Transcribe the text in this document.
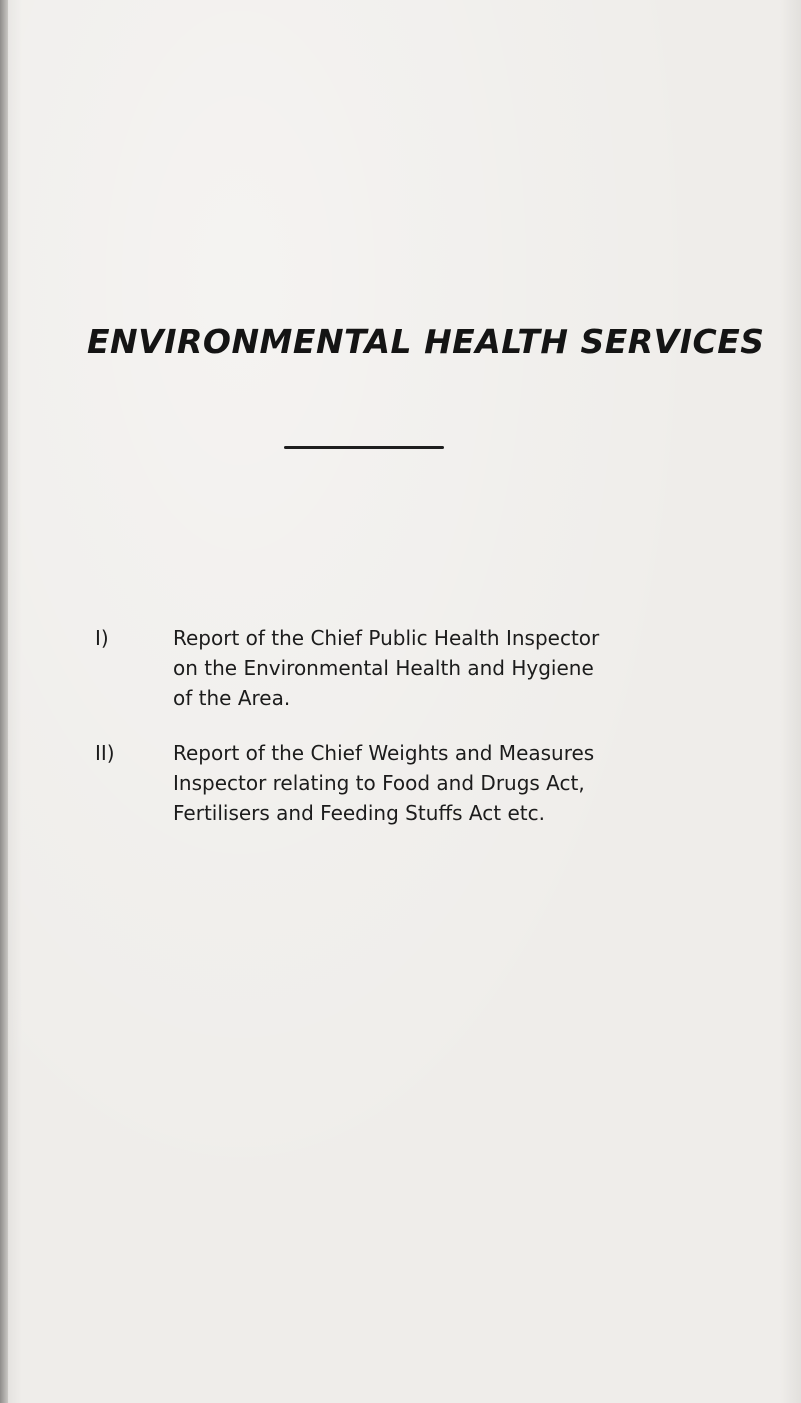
ENVIRONMENTAL HEALTH SERVICES
I)	Report of the Chief Public Health Inspector
on the Environmental Health and Hygiene
of the Area.
II)	Report of the Chief Weights and Measures
Inspector relating to Food and Drugs Act,
Fertilisers and Feeding Stuffs Act etc.
